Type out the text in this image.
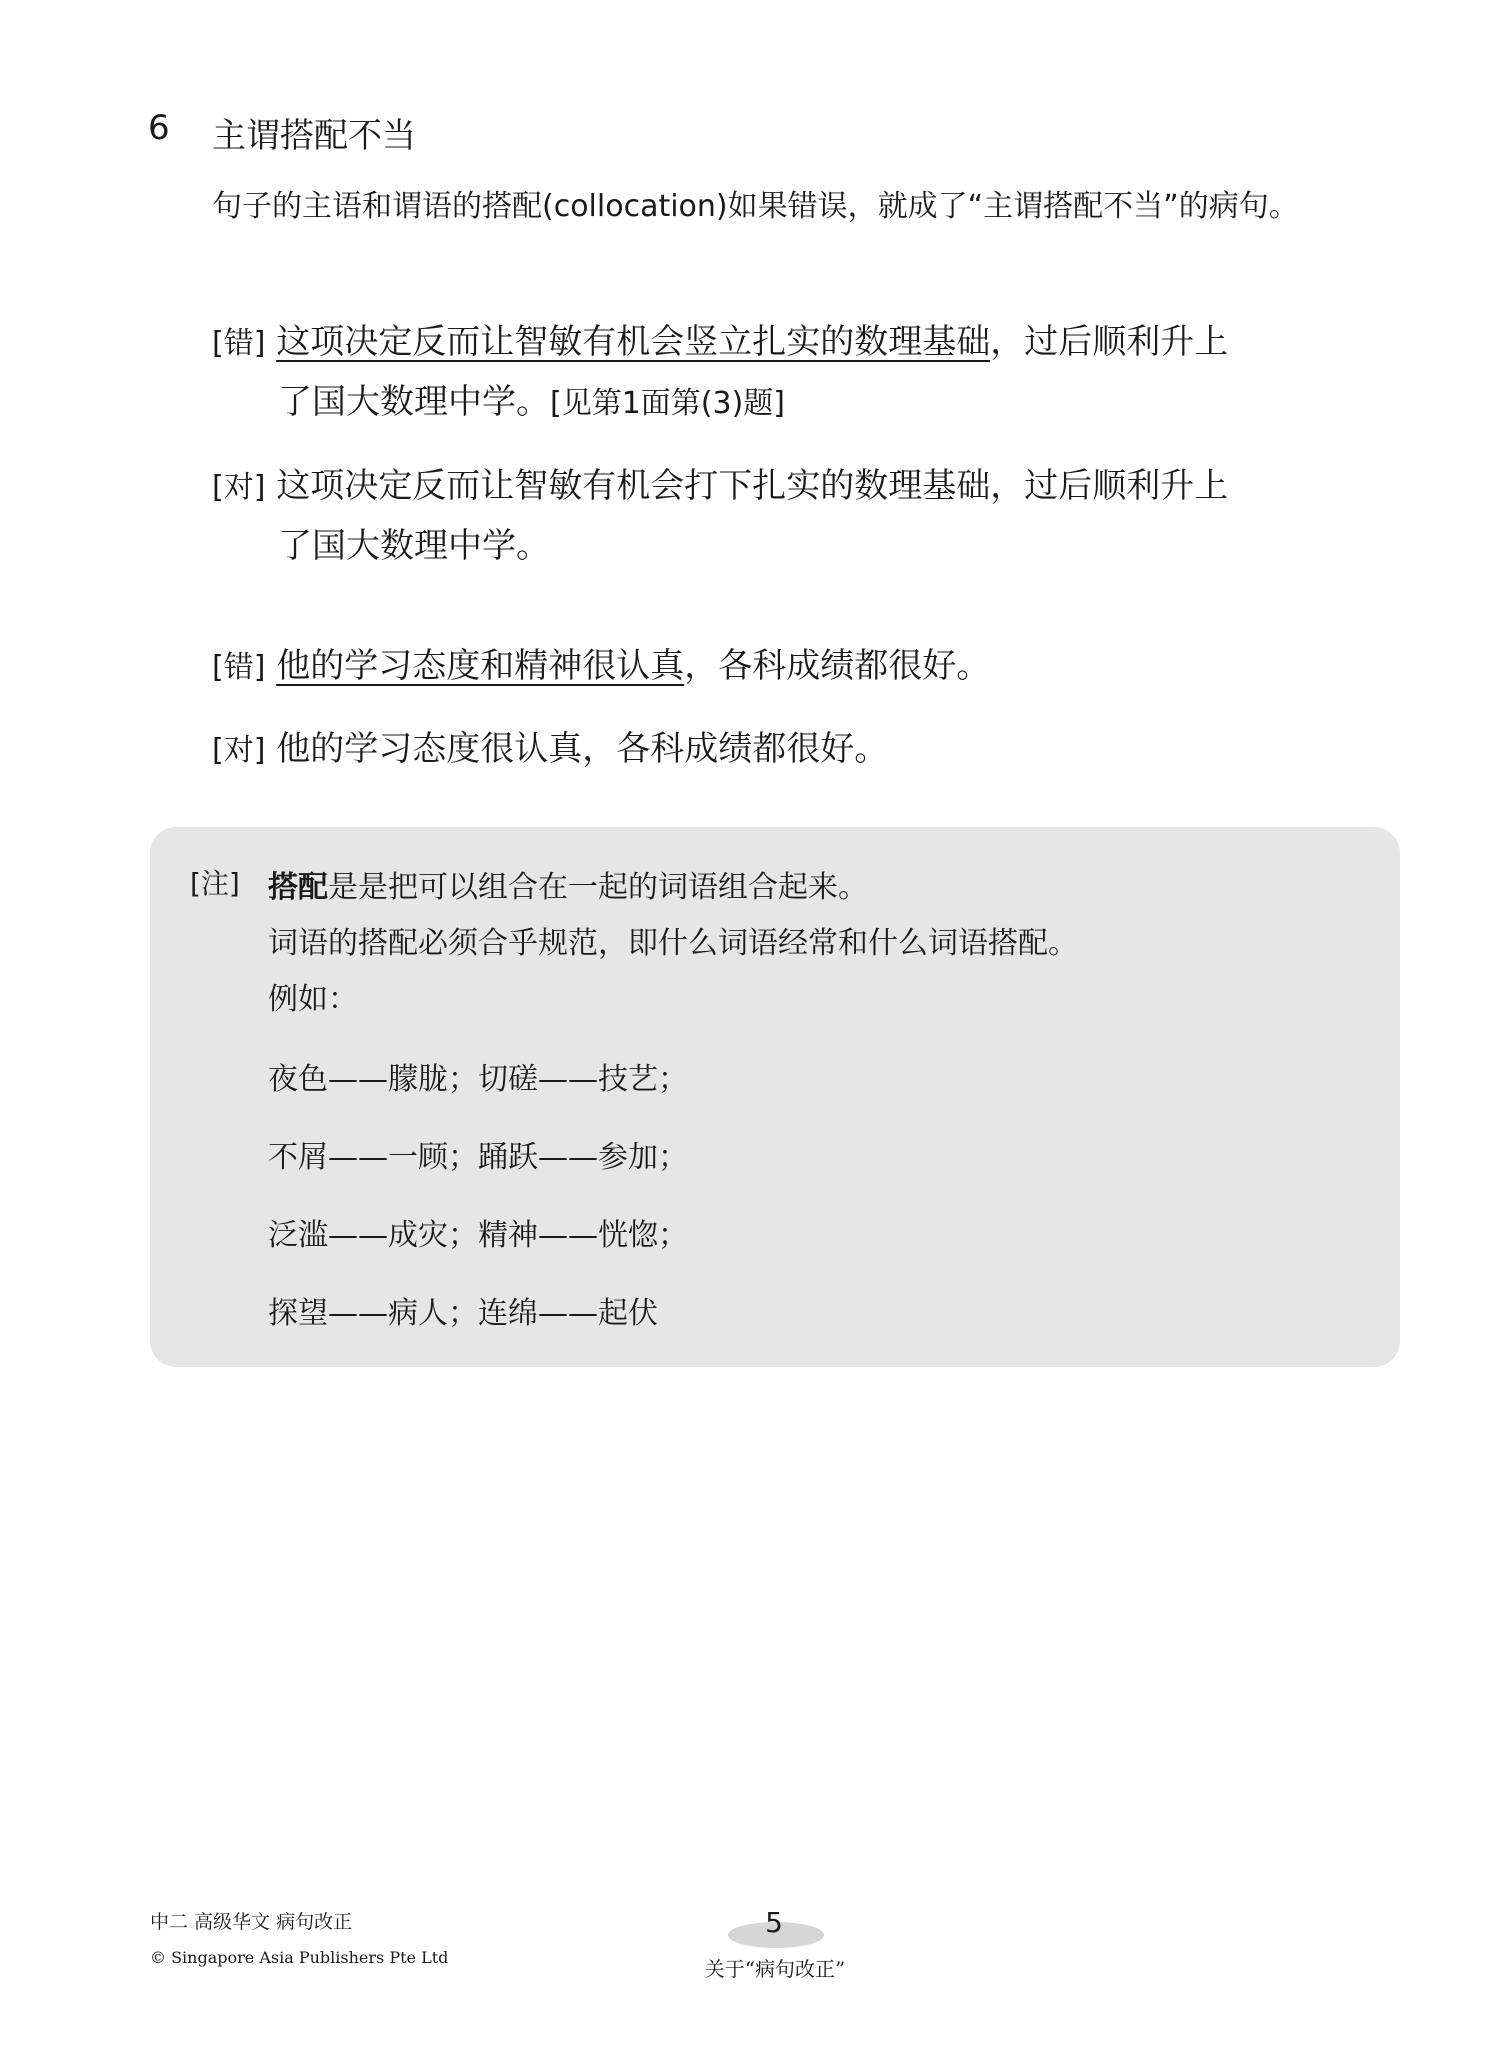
6 主谓搭配不当
句子的主语和谓语的搭配(collocation)如果错误，就成了“主谓搭配不当”的病句。
[错] 这项决定反而让智敏有机会竖立扎实的数理基础，过后顺利升上
了国大数理中学。[见第1面第(3)题]
[对] 这项决定反而让智敏有机会打下扎实的数理基础，过后顺利升上
了国大数理中学。
[错] 他的学习态度和精神很认真，各科成绩都很好。
[对] 他的学习态度很认真，各科成绩都很好。
[注] 搭配是是把可以组合在一起的词语组合起来。
词语的搭配必须合乎规范，即什么词语经常和什么词语搭配。
例如：
夜色——朦胧；切磋——技艺；
不屑——一顾；踊跃——参加；
泛滥——成灾；精神——恍惚；
探望——病人；连绵——起伏
中二 高级华文 病句改正
© Singapore Asia Publishers Pte Ltd
5
关于“病句改正”
